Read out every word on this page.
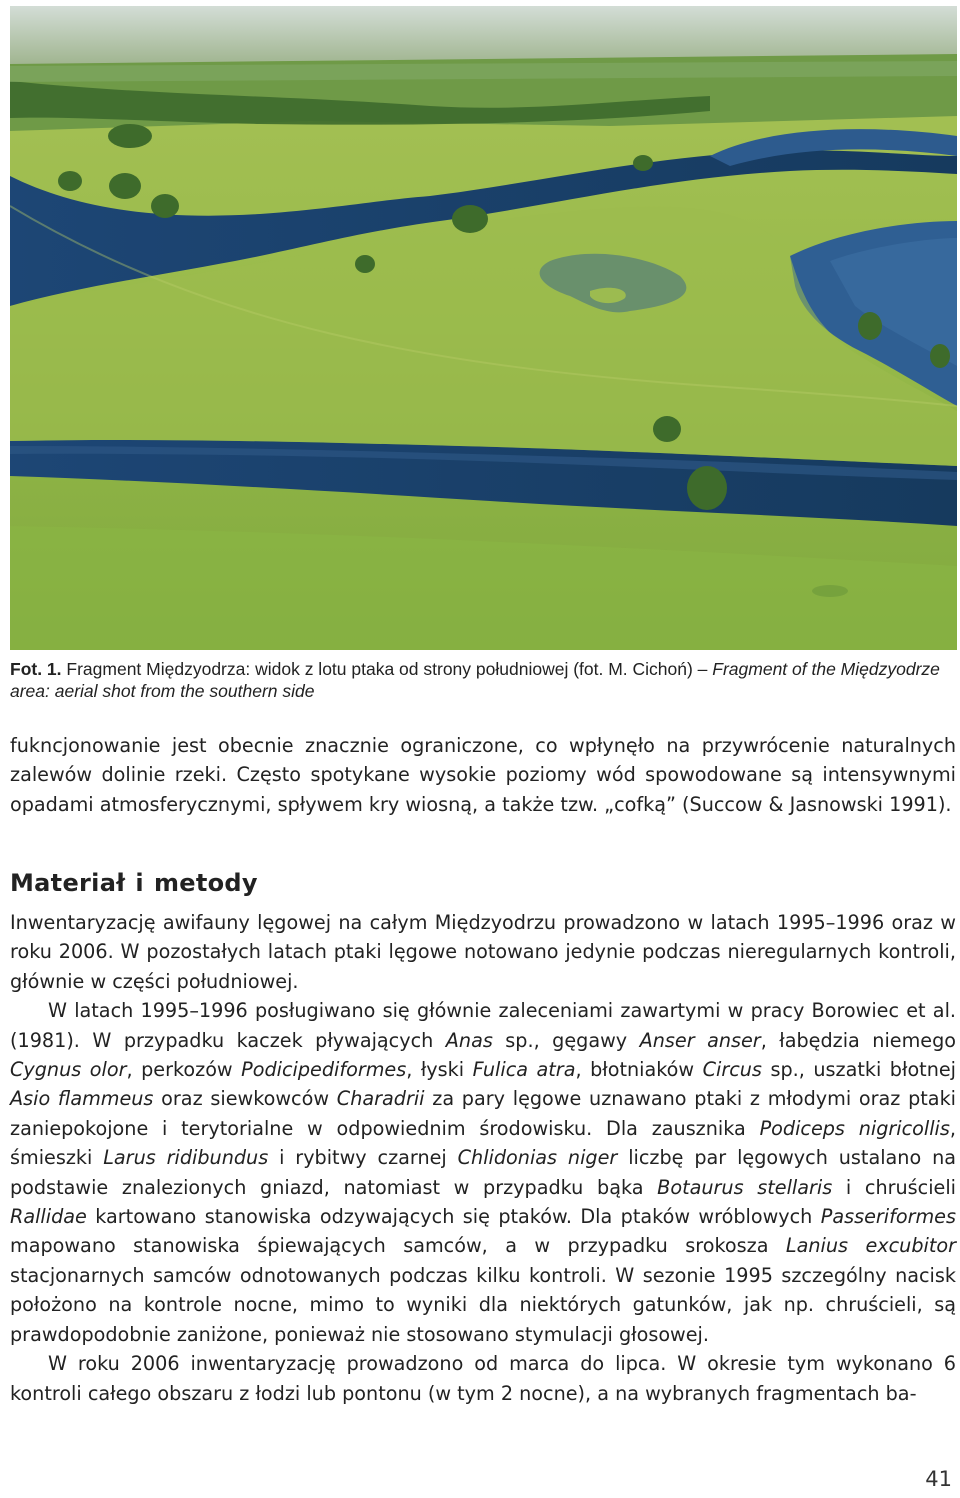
Fot. 1. Fragment Międzyodrza: widok z lotu ptaka od strony południowej (fot. M. Cichoń) – Fragment of the Międzyodrze area: aerial shot from the southern side

fukncjonowanie jest obecnie znacznie ograniczone, co wpłynęło na przywrócenie naturalnych zalewów dolinie rzeki. Często spotykane wysokie poziomy wód spowodowane są intensywnymi opadami atmosferycznymi, spływem kry wiosną, a także tzw. „cofką” (Succow & Jasnowski 1991).

Materiał i metody

Inwentaryzację awifauny lęgowej na całym Międzyodrzu prowadzono w latach 1995–1996 oraz w roku 2006. W pozostałych latach ptaki lęgowe notowano jedynie podczas nieregularnych kontroli, głównie w części południowej.

W latach 1995–1996 posługiwano się głównie zaleceniami zawartymi w pracy Borowiec et al. (1981). W przypadku kaczek pływających Anas sp., gęgawy Anser anser, łabędzia niemego Cygnus olor, perkozów Podicipediformes, łyski Fulica atra, błotniaków Circus sp., uszatki błotnej Asio flammeus oraz siewkowców Charadrii za pary lęgowe uznawano ptaki z młodymi oraz ptaki zaniepokojone i terytorialne w odpowiednim środowisku. Dla zausznika Podiceps nigricollis, śmieszki Larus ridibundus i rybitwy czarnej Chlidonias niger liczbę par lęgowych ustalano na podstawie znalezionych gniazd, natomiast w przypadku bąka Botaurus stellaris i chruścieli Rallidae kartowano stanowiska odzywających się ptaków. Dla ptaków wróblowych Passeriformes mapowano stanowiska śpiewających samców, a w przypadku srokosza Lanius excubitor stacjonarnych samców odnotowanych podczas kilku kontroli. W sezonie 1995 szczególny nacisk położono na kontrole nocne, mimo to wyniki dla niektórych gatunków, jak np. chruścieli, są prawdopodobnie zaniżone, ponieważ nie stosowano stymulacji głosowej.

W roku 2006 inwentaryzację prowadzono od marca do lipca. W okresie tym wykonano 6 kontroli całego obszaru z łodzi lub pontonu (w tym 2 nocne), a na wybranych fragmentach ba-

41
